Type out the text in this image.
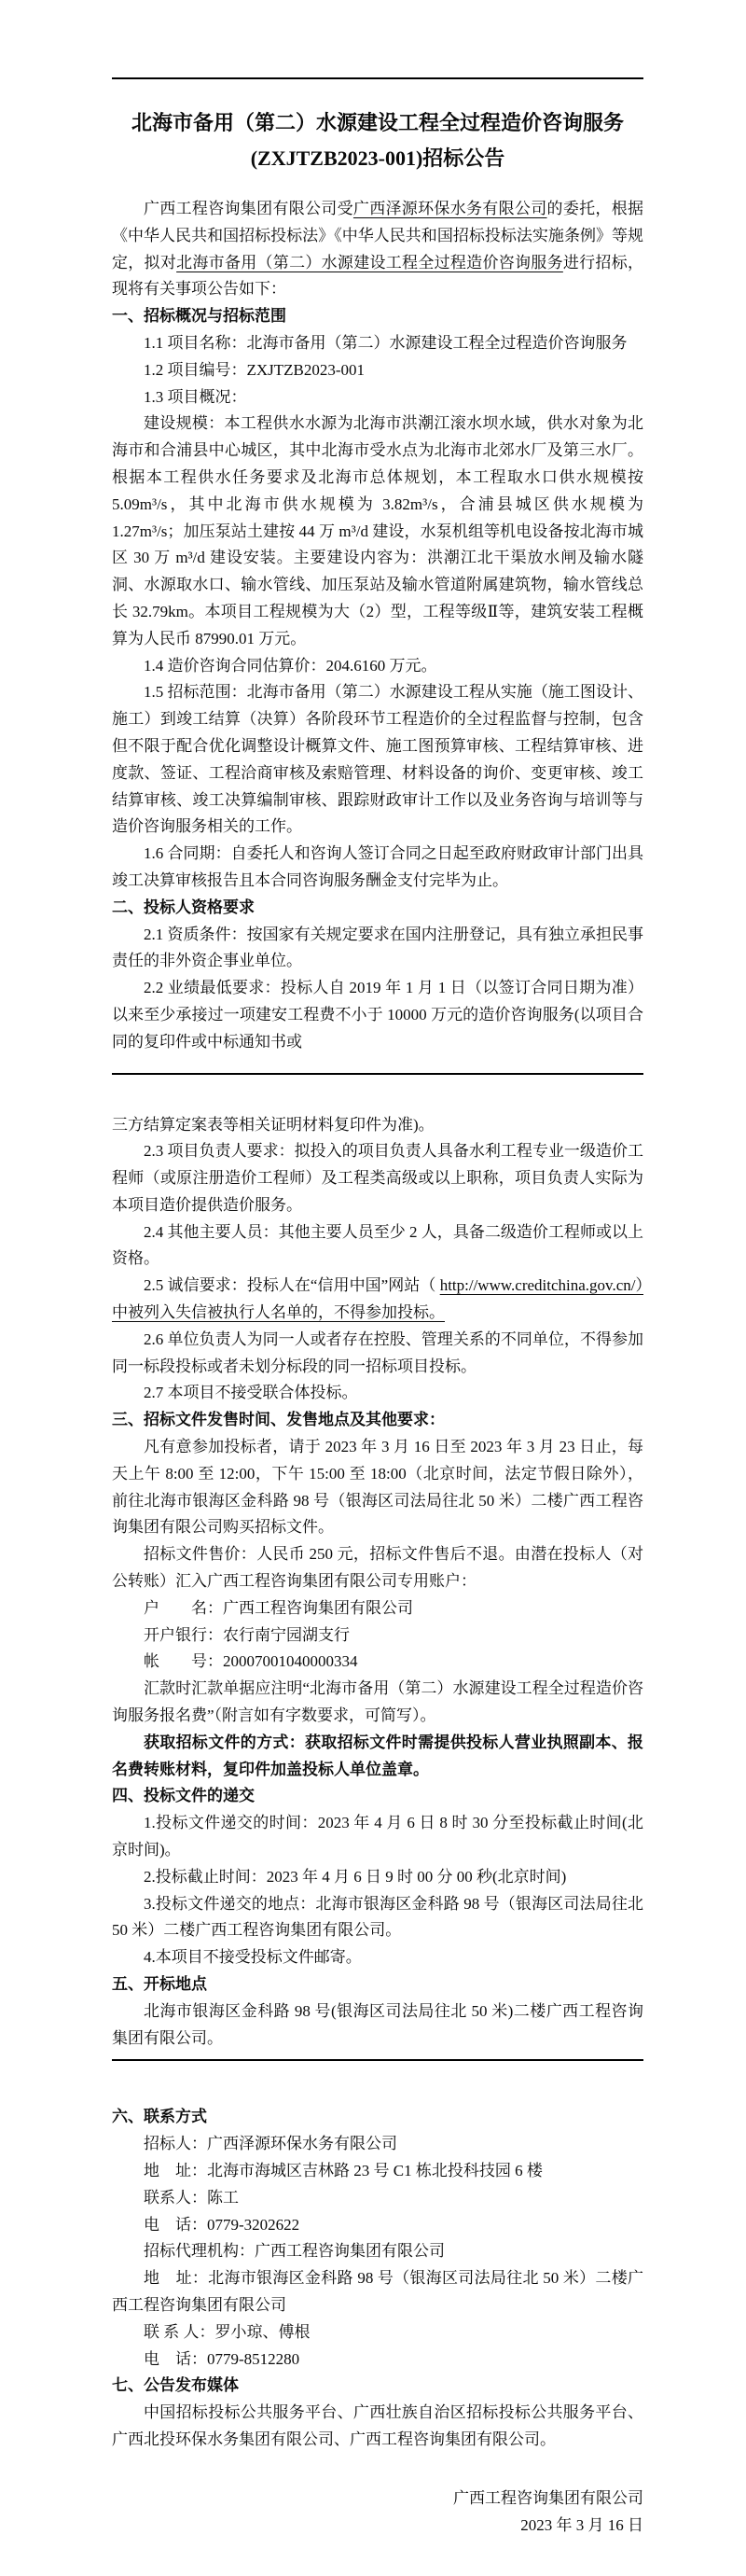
北海市备用（第二）水源建设工程全过程造价咨询服务
(ZXJTZB2023-001)招标公告

广西工程咨询集团有限公司受广西泽源环保水务有限公司的委托，根据《中华人民共和国招标投标法》《中华人民共和国招标投标法实施条例》等规定，拟对北海市备用（第二）水源建设工程全过程造价咨询服务进行招标，现将有关事项公告如下：

一、招标概况与招标范围

1.1 项目名称：北海市备用（第二）水源建设工程全过程造价咨询服务

1.2 项目编号：ZXJTZB2023-001

1.3 项目概况：

建设规模：本工程供水水源为北海市洪潮江滚水坝水域，供水对象为北海市和合浦县中心城区，其中北海市受水点为北海市北郊水厂及第三水厂。根据本工程供水任务要求及北海市总体规划，本工程取水口供水规模按 5.09m³/s，其中北海市供水规模为 3.82m³/s，合浦县城区供水规模为 1.27m³/s；加压泵站土建按 44 万 m³/d 建设，水泵机组等机电设备按北海市城区 30 万 m³/d 建设安装。主要建设内容为：洪潮江北干渠放水闸及输水隧洞、水源取水口、输水管线、加压泵站及输水管道附属建筑物，输水管线总长 32.79km。本项目工程规模为大（2）型，工程等级Ⅱ等，建筑安装工程概算为人民币 87990.01 万元。

1.4 造价咨询合同估算价：204.6160 万元。

1.5 招标范围：北海市备用（第二）水源建设工程从实施（施工图设计、施工）到竣工结算（决算）各阶段环节工程造价的全过程监督与控制，包含但不限于配合优化调整设计概算文件、施工图预算审核、工程结算审核、进度款、签证、工程洽商审核及索赔管理、材料设备的询价、变更审核、竣工结算审核、竣工决算编制审核、跟踪财政审计工作以及业务咨询与培训等与造价咨询服务相关的工作。

1.6 合同期：自委托人和咨询人签订合同之日起至政府财政审计部门出具竣工决算审核报告且本合同咨询服务酬金支付完毕为止。

二、投标人资格要求

2.1 资质条件：按国家有关规定要求在国内注册登记，具有独立承担民事责任的非外资企事业单位。

2.2 业绩最低要求：投标人自 2019 年 1 月 1 日（以签订合同日期为准）以来至少承接过一项建安工程费不小于 10000 万元的造价咨询服务(以项目合同的复印件或中标通知书或

三方结算定案表等相关证明材料复印件为准)。

2.3 项目负责人要求：拟投入的项目负责人具备水利工程专业一级造价工程师（或原注册造价工程师）及工程类高级或以上职称，项目负责人实际为本项目造价提供造价服务。

2.4 其他主要人员：其他主要人员至少 2 人，具备二级造价工程师或以上资格。

2.5 诚信要求：投标人在“信用中国”网站（ http://www.creditchina.gov.cn/）中被列入失信被执行人名单的，不得参加投标。

2.6 单位负责人为同一人或者存在控股、管理关系的不同单位，不得参加同一标段投标或者未划分标段的同一招标项目投标。

2.7 本项目不接受联合体投标。

三、招标文件发售时间、发售地点及其他要求：

凡有意参加投标者，请于 2023 年 3 月 16 日至 2023 年 3 月 23 日止，每天上午 8:00 至 12:00，下午 15:00 至 18:00（北京时间，法定节假日除外），前往北海市银海区金科路 98 号（银海区司法局往北 50 米）二楼广西工程咨询集团有限公司购买招标文件。

招标文件售价：人民币 250 元，招标文件售后不退。由潜在投标人（对公转账）汇入广西工程咨询集团有限公司专用账户：

户　　名：广西工程咨询集团有限公司

开户银行：农行南宁园湖支行

帐　　号：20007001040000334

汇款时汇款单据应注明“北海市备用（第二）水源建设工程全过程造价咨询服务报名费”（附言如有字数要求，可简写）。

获取招标文件的方式：获取招标文件时需提供投标人营业执照副本、报名费转账材料，复印件加盖投标人单位盖章。

四、投标文件的递交

1.投标文件递交的时间：2023 年 4 月 6 日 8 时 30 分至投标截止时间(北京时间)。

2.投标截止时间：2023 年 4 月 6 日 9 时 00 分 00 秒(北京时间)

3.投标文件递交的地点：北海市银海区金科路 98 号（银海区司法局往北 50 米）二楼广西工程咨询集团有限公司。

4.本项目不接受投标文件邮寄。

五、开标地点

北海市银海区金科路 98 号(银海区司法局往北 50 米)二楼广西工程咨询集团有限公司。

六、联系方式

招标人：广西泽源环保水务有限公司

地　址：北海市海城区吉林路 23 号 C1 栋北投科技园 6 楼

联系人：陈工

电　话：0779-3202622

招标代理机构：广西工程咨询集团有限公司

地　址：北海市银海区金科路 98 号（银海区司法局往北 50 米）二楼广西工程咨询集团有限公司

联 系 人：罗小琼、傅根

电　话：0779-8512280

七、公告发布媒体

中国招标投标公共服务平台、广西壮族自治区招标投标公共服务平台、广西北投环保水务集团有限公司、广西工程咨询集团有限公司。

广西工程咨询集团有限公司

2023 年 3 月 16 日
